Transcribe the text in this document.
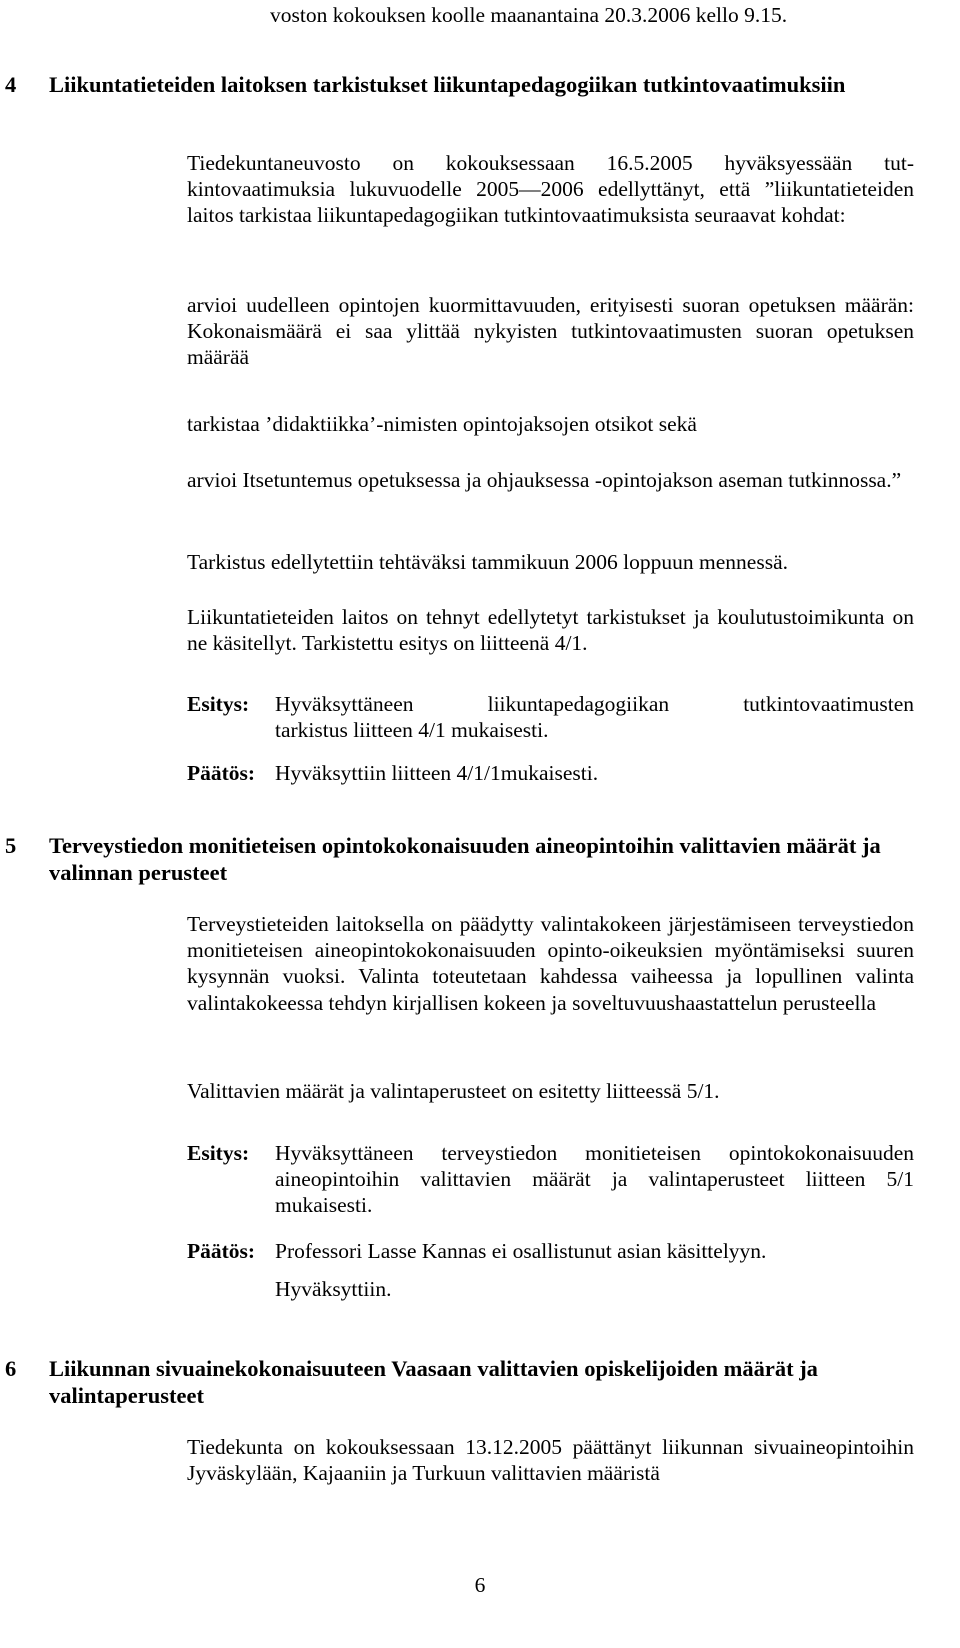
voston kokouksen koolle maanantaina 20.3.2006 kello 9.15.

4	Liikuntatieteiden laitoksen tarkistukset liikuntapedagogiikan tutkintovaatimuksiin

Tiedekuntaneuvosto on kokouksessaan 16.5.2005 hyväksyessään tutkintovaatimuksia lukuvuodelle 2005—2006 edellyttänyt, että ”liikuntatieteiden laitos tarkistaa liikuntapedagogiikan tutkintovaatimuksista seuraavat kohdat:

arvioi uudelleen opintojen kuormittavuuden, erityisesti suoran opetuksen määrän: Kokonaismäärä ei saa ylittää nykyisten tutkintovaatimusten suoran opetuksen määrää

tarkistaa ’didaktiikka’-nimisten opintojaksojen otsikot sekä

arvioi Itsetuntemus opetuksessa ja ohjauksessa -opintojakson aseman tutkinnossa.”

Tarkistus edellytettiin tehtäväksi tammikuun 2006 loppuun mennessä.

Liikuntatieteiden laitos on tehnyt edellytetyt tarkistukset ja koulutustoimikunta on ne käsitellyt. Tarkistettu esitys on liitteenä 4/1.

Esitys:	Hyväksyttäneen liikuntapedagogiikan tutkintovaatimusten
tarkistus liitteen 4/1 mukaisesti.
Päätös: Hyväksyttiin liitteen 4/1/1mukaisesti.
5	Terveystiedon monitieteisen opintokokonaisuuden aineopintoihin valittavien määrät ja valinnan perusteet

Terveystieteiden laitoksella on päädytty valintakokeen järjestämiseen terveystiedon monitieteisen aineopintokokonaisuuden opinto-oikeuksien myöntämiseksi suuren kysynnän vuoksi. Valinta toteutetaan kahdessa vaiheessa ja lopullinen valinta valintakokeessa tehdyn kirjallisen kokeen ja soveltuvuushaastattelun perusteella

Valittavien määrät ja valintaperusteet on esitetty liitteessä 5/1.

Esitys:	Hyväksyttäneen terveystiedon monitieteisen opintokokonaisuuden aineopintoihin valittavien määrät ja valintaperusteet liitteen 5/1 mukaisesti.
Päätös: Professori Lasse Kannas ei osallistunut asian käsittelyyn.
Hyväksyttiin.
6	Liikunnan sivuainekokonaisuuteen Vaasaan valittavien opiskelijoiden määrät ja valintaperusteet

Tiedekunta on kokouksessaan 13.12.2005 päättänyt liikunnan sivuaineopintoihin Jyväskylään, Kajaaniin ja Turkuun valittavien määristä

6
